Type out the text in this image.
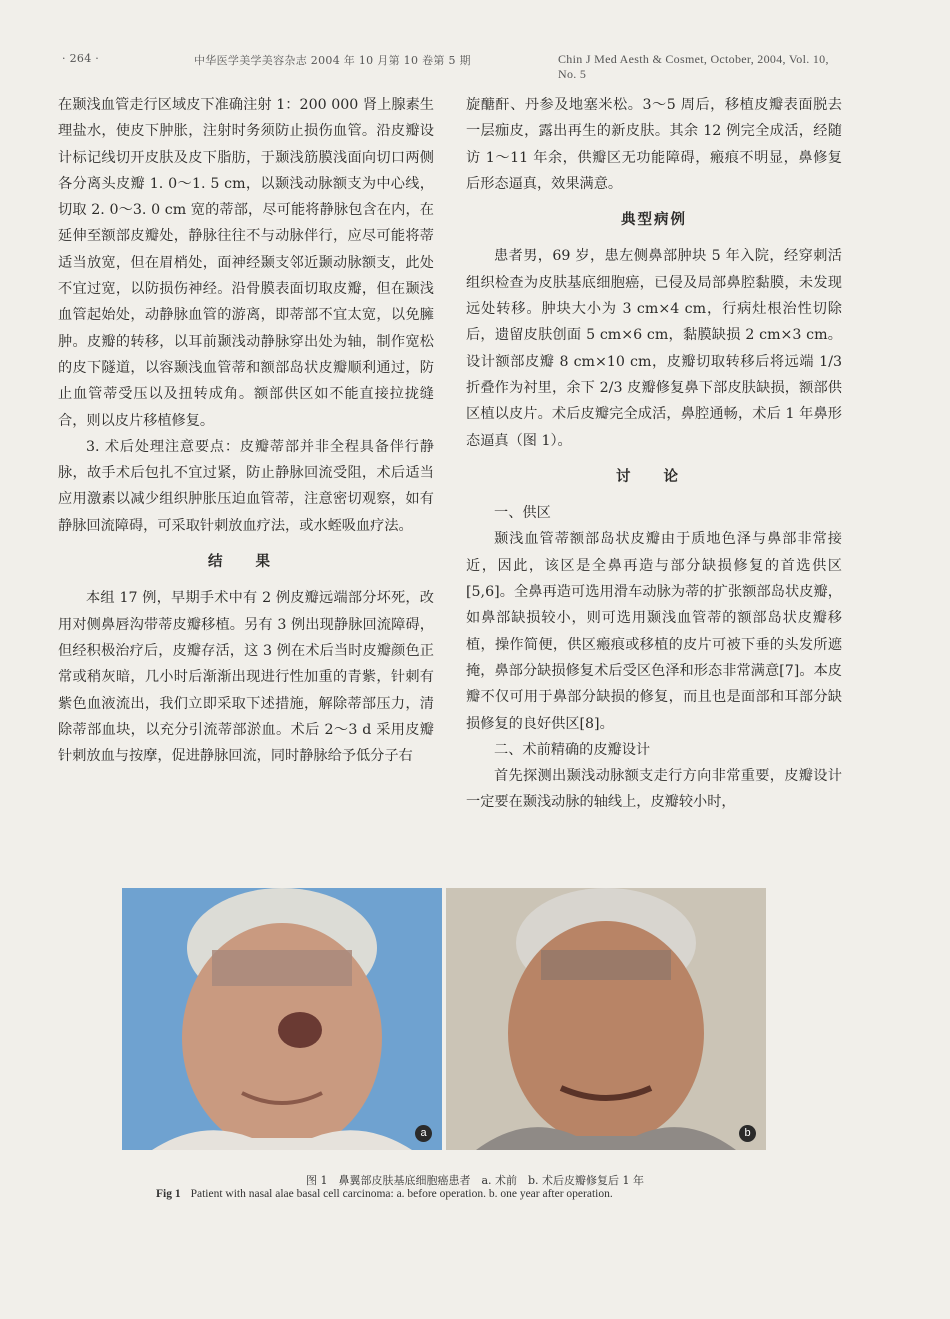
· 264 ·	中华医学美学美容杂志 2004 年 10 月第 10 卷第 5 期	Chin J Med Aesth & Cosmet, October, 2004, Vol. 10, No. 5

在颞浅血管走行区域皮下准确注射 1：200 000 肾上腺素生理盐水，使皮下肿胀，注射时务须防止损伤血管。沿皮瓣设计标记线切开皮肤及皮下脂肪，于颞浅筋膜浅面向切口两侧各分离头皮瓣 1. 0～1. 5 cm，以颞浅动脉额支为中心线，切取 2. 0～3. 0 cm 宽的蒂部，尽可能将静脉包含在内，在延伸至额部皮瓣处，静脉往往不与动脉伴行，应尽可能将蒂适当放宽，但在眉梢处，面神经颞支邻近颞动脉额支，此处不宜过宽，以防损伤神经。沿骨膜表面切取皮瓣，但在颞浅血管起始处，动静脉血管的游离，即蒂部不宜太宽，以免臃肿。皮瓣的转移，以耳前颞浅动静脉穿出处为轴，制作宽松的皮下隧道，以容颞浅血管蒂和额部岛状皮瓣顺利通过，防止血管蒂受压以及扭转成角。额部供区如不能直接拉拢缝合，则以皮片移植修复。

3. 术后处理注意要点：皮瓣蒂部并非全程具备伴行静脉，故手术后包扎不宜过紧，防止静脉回流受阻，术后适当应用激素以减少组织肿胀压迫血管蒂，注意密切观察，如有静脉回流障碍，可采取针刺放血疗法，或水蛭吸血疗法。

结 果

本组 17 例，早期手术中有 2 例皮瓣远端部分坏死，改用对侧鼻唇沟带蒂皮瓣移植。另有 3 例出现静脉回流障碍，但经积极治疗后，皮瓣存活，这 3 例在术后当时皮瓣颜色正常或稍灰暗，几小时后渐渐出现进行性加重的青紫，针刺有紫色血液流出，我们立即采取下述措施，解除蒂部压力，清除蒂部血块，以充分引流蒂部淤血。术后 2～3 d 采用皮瓣针刺放血与按摩，促进静脉回流，同时静脉给予低分子右

旋醣酐、丹参及地塞米松。3～5 周后，移植皮瓣表面脱去一层痂皮，露出再生的新皮肤。其余 12 例完全成活，经随访 1～11 年余，供瓣区无功能障碍，瘢痕不明显，鼻修复后形态逼真，效果满意。

典型病例

患者男，69 岁，患左侧鼻部肿块 5 年入院，经穿刺活组织检查为皮肤基底细胞癌，已侵及局部鼻腔黏膜，未发现远处转移。肿块大小为 3 cm×4 cm，行病灶根治性切除后，遗留皮肤创面 5 cm×6 cm，黏膜缺损 2 cm×3 cm。设计额部皮瓣 8 cm×10 cm，皮瓣切取转移后将远端 1/3 折叠作为衬里，余下 2/3 皮瓣修复鼻下部皮肤缺损，额部供区植以皮片。术后皮瓣完全成活，鼻腔通畅，术后 1 年鼻形态逼真（图 1）。

讨 论

一、供区

颞浅血管蒂额部岛状皮瓣由于质地色泽与鼻部非常接近，因此，该区是全鼻再造与部分缺损修复的首选供区[5,6]。全鼻再造可选用滑车动脉为蒂的扩张额部岛状皮瓣，如鼻部缺损较小，则可选用颞浅血管蒂的额部岛状皮瓣移植，操作简便，供区瘢痕或移植的皮片可被下垂的头发所遮掩，鼻部分缺损修复术后受区色泽和形态非常满意[7]。本皮瓣不仅可用于鼻部分缺损的修复，而且也是面部和耳部分缺损修复的良好供区[8]。

二、术前精确的皮瓣设计

首先探测出颞浅动脉额支走行方向非常重要，皮瓣设计一定要在颞浅动脉的轴线上，皮瓣较小时，

a	b
图 1　鼻翼部皮肤基底细胞癌患者　a. 术前　b. 术后皮瓣修复后 1 年
Fig 1 Patient with nasal alae basal cell carcinoma: a. before operation. b. one year after operation.
